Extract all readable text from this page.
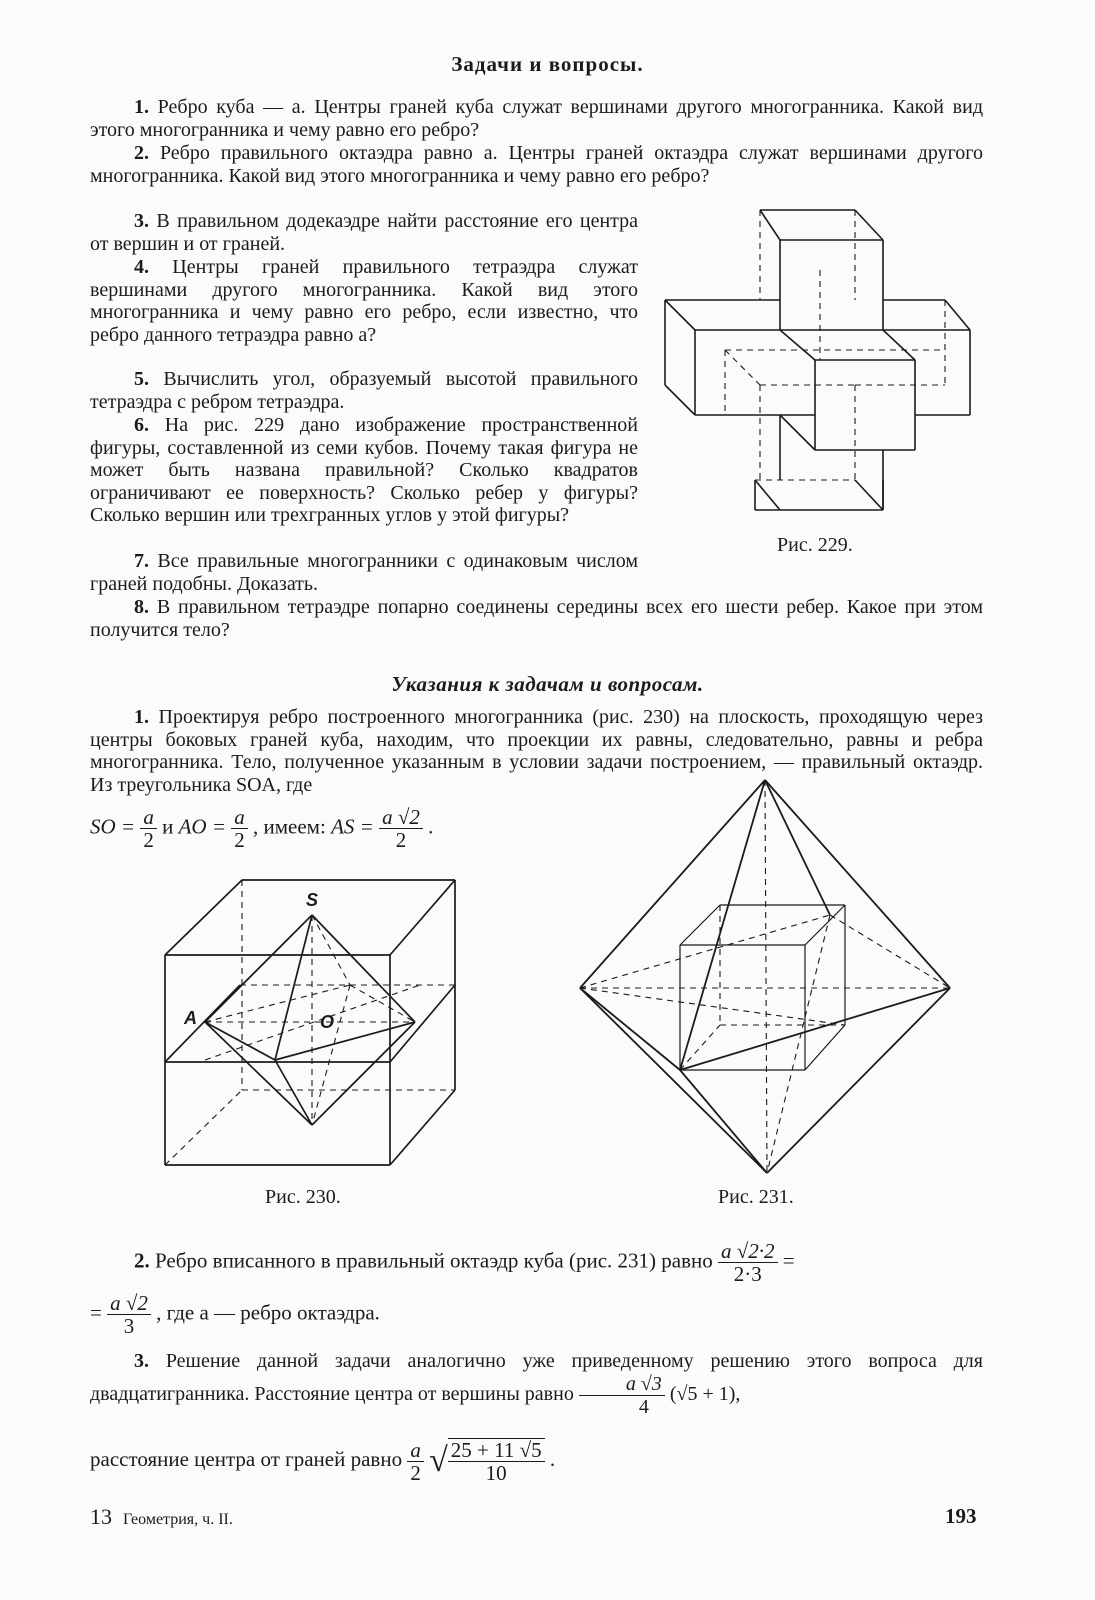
Задачи и вопросы.
1. Ребро куба — a. Центры граней куба служат вершинами другого многогранника. Какой вид этого многогранника и чему равно его ребро?
2. Ребро правильного октаэдра равно a. Центры граней октаэдра служат вершинами другого многогранника. Какой вид этого многогранника и чему равно его ребро?
3. В правильном додекаэдре найти расстояние его центра от вершин и от граней.
4. Центры граней правильного тетраэдра служат вершинами другого многогранника. Какой вид этого многогранника и чему равно его ребро, если известно, что ребро данного тетраэдра равно a?
5. Вычислить угол, образуемый высотой правильного тетраэдра с ребром тетраэдра.
6. На рис. 229 дано изображение пространственной фигуры, составленной из семи кубов. Почему такая фигура не может быть названа правильной? Сколько квадратов ограничивают ее поверхность? Сколько ребер у фигуры? Сколько вершин или трехгранных углов у этой фигуры?
7. Все правильные многогранники с одинаковым числом граней подобны. Доказать.
8. В правильном тетраэдре попарно соединены середины всех его шести ребер. Какое при этом получится тело?
Рис. 229.
Указания к задачам и вопросам.
1. Проектируя ребро построенного многогранника (рис. 230) на плоскость, проходящую через центры боковых граней куба, находим, что проекции их равны, следовательно, равны и ребра многогранника. Тело, полученное указанным в условии задачи построением, — правильный октаэдр. Из треугольника SOA, где
SO = $\frac{a}{2}$ и AO = $\frac{a}{2}$ , имеем: AS = $\frac{a √2}{2}$ .
S
A	O
Рис. 230.	Рис. 231.
2. Ребро вписанного в правильный октаэдр куба (рис. 231) равно $\frac{a √2\cdot 2}{2\cdot 3}$ =
= $\frac{a √2}{3}$ , где a — ребро октаэдра.
3. Решение данной задачи аналогично уже приведенному решению этого вопроса для двадцатигранника. Расстояние центра от вершины равно $\frac{a √3}{4} (√5 + 1)$,
расстояние центра от граней равно $\frac{a}{2}$ √ $\frac{25 + 11 √5}{10}$ .
13 Геометрия, ч. II.	193
